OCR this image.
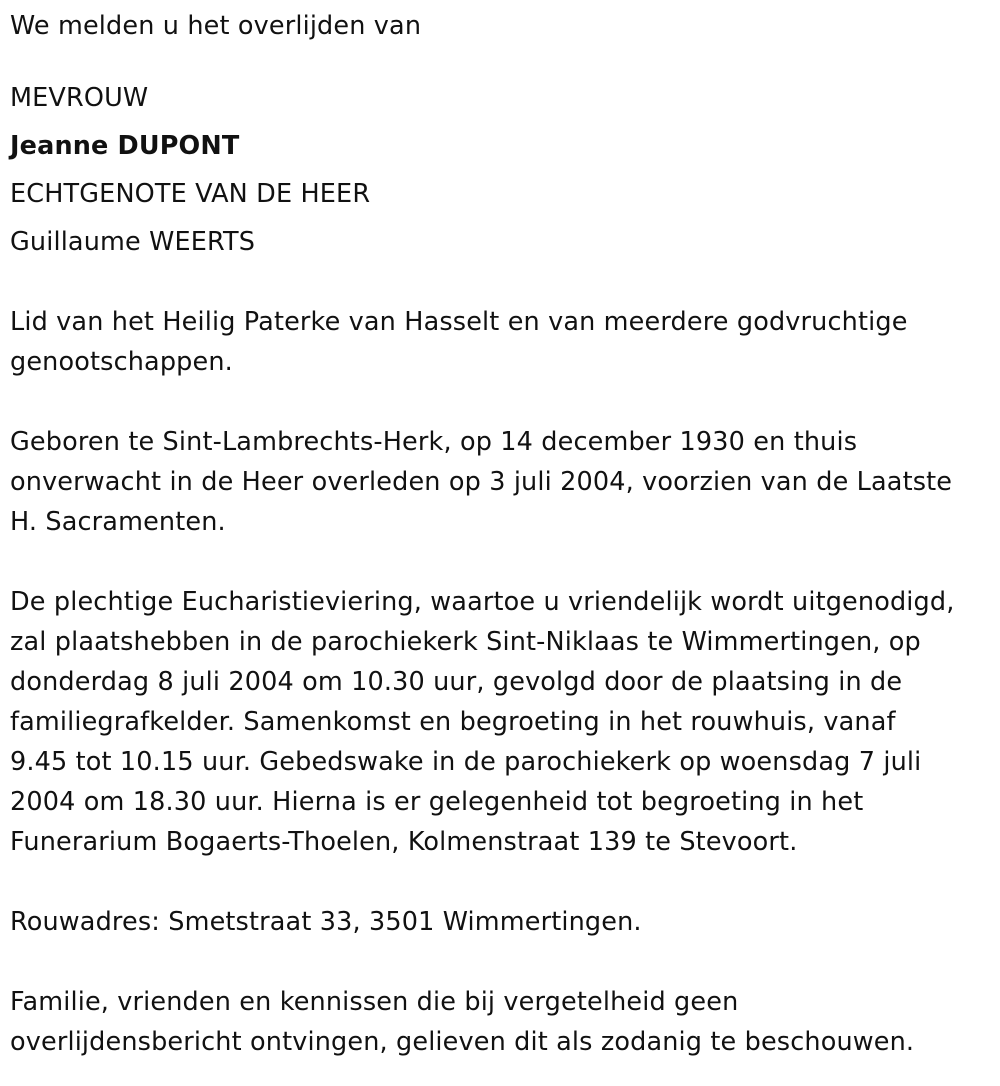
We melden u het overlijden van
MEVROUW
Jeanne DUPONT
ECHTGENOTE VAN DE HEER
Guillaume WEERTS
Lid van het Heilig Paterke van Hasselt en van meerdere godvruchtige
genootschappen.
Geboren te Sint-Lambrechts-Herk, op 14 december 1930 en thuis
onverwacht in de Heer overleden op 3 juli 2004, voorzien van de Laatste
H. Sacramenten.
De plechtige Eucharistieviering, waartoe u vriendelijk wordt uitgenodigd,
zal plaatshebben in de parochiekerk Sint-Niklaas te Wimmertingen, op
donderdag 8 juli 2004 om 10.30 uur, gevolgd door de plaatsing in de
familiegrafkelder. Samenkomst en begroeting in het rouwhuis, vanaf
9.45 tot 10.15 uur. Gebedswake in de parochiekerk op woensdag 7 juli
2004 om 18.30 uur. Hierna is er gelegenheid tot begroeting in het
Funerarium Bogaerts-Thoelen, Kolmenstraat 139 te Stevoort.
Rouwadres: Smetstraat 33, 3501 Wimmertingen.
Familie, vrienden en kennissen die bij vergetelheid geen
overlijdensbericht ontvingen, gelieven dit als zodanig te beschouwen.
